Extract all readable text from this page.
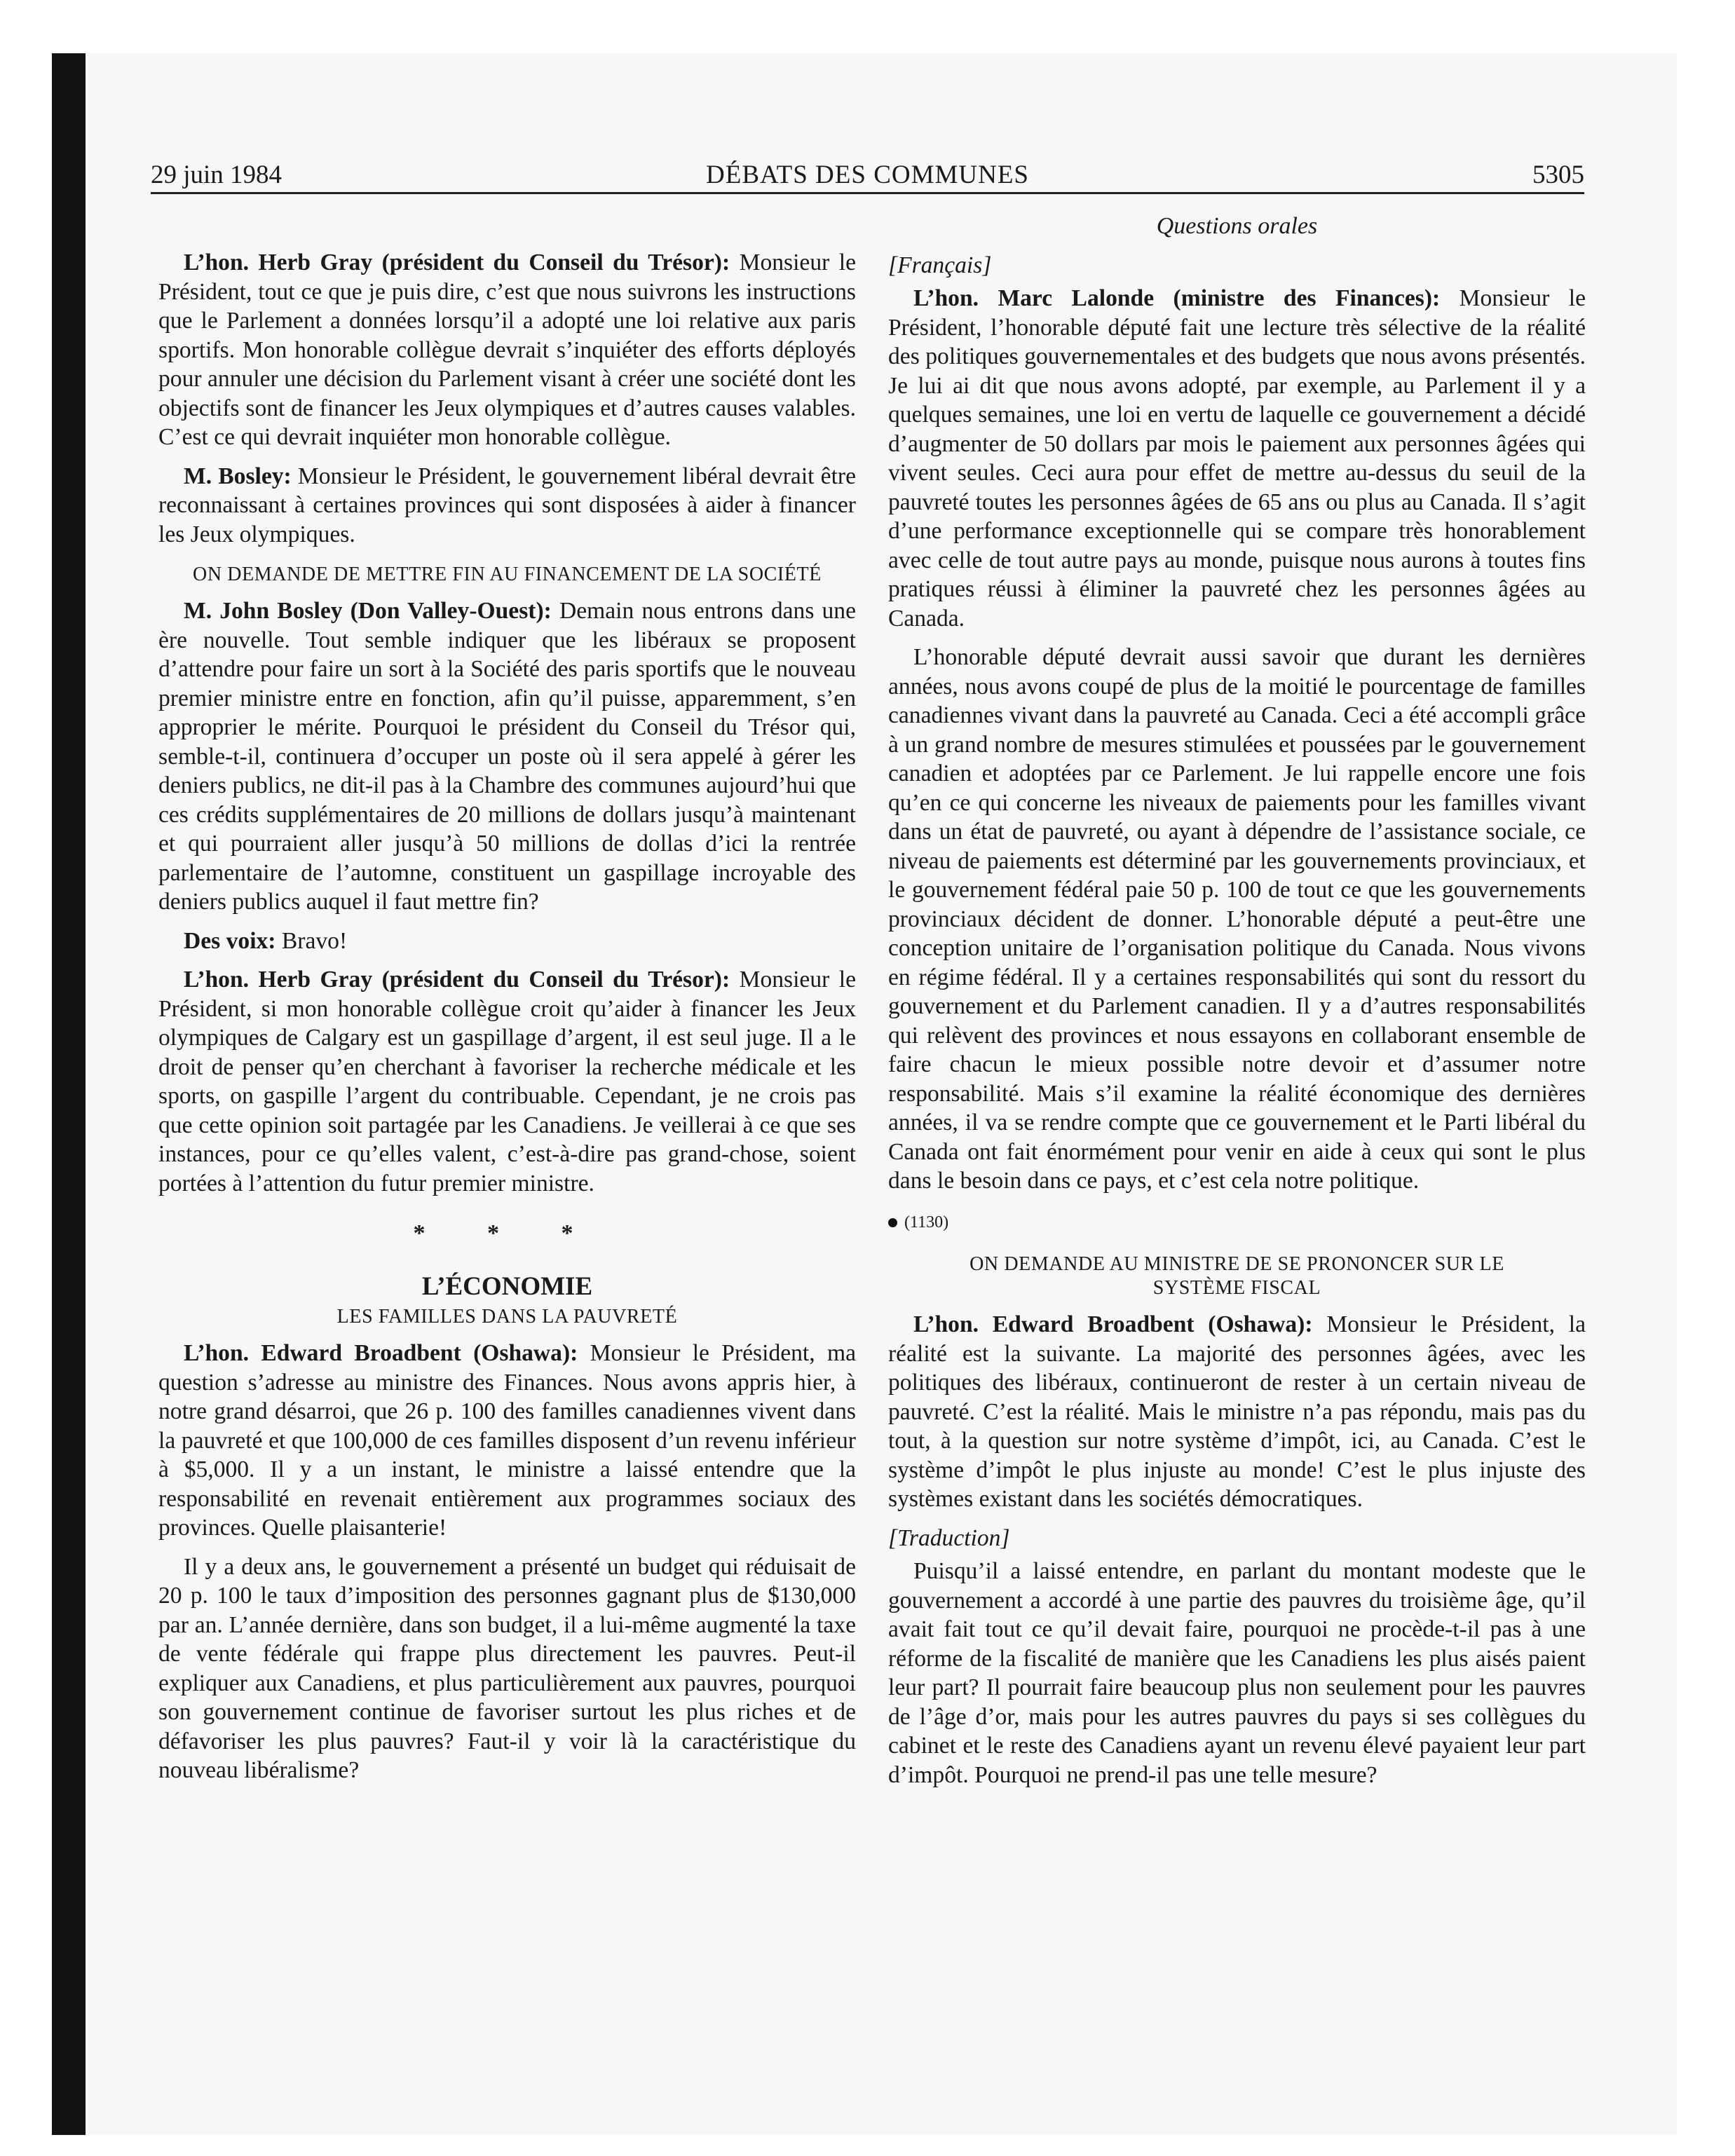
29 juin 1984	DÉBATS DES COMMUNES	5305

L’hon. Herb Gray (président du Conseil du Trésor): Monsieur le Président, tout ce que je puis dire, c’est que nous suivrons les instructions que le Parlement a données lorsqu’il a adopté une loi relative aux paris sportifs. Mon honorable collègue devrait s’inquiéter des efforts déployés pour annuler une décision du Parlement visant à créer une société dont les objectifs sont de financer les Jeux olympiques et d’autres causes valables. C’est ce qui devrait inquiéter mon honorable collègue.

M. Bosley: Monsieur le Président, le gouvernement libéral devrait être reconnaissant à certaines provinces qui sont disposées à aider à financer les Jeux olympiques.

ON DEMANDE DE METTRE FIN AU FINANCEMENT DE LA SOCIÉTÉ

M. John Bosley (Don Valley-Ouest): Demain nous entrons dans une ère nouvelle. Tout semble indiquer que les libéraux se proposent d’attendre pour faire un sort à la Société des paris sportifs que le nouveau premier ministre entre en fonction, afin qu’il puisse, apparemment, s’en approprier le mérite. Pourquoi le président du Conseil du Trésor qui, semble-t-il, continuera d’occuper un poste où il sera appelé à gérer les deniers publics, ne dit-il pas à la Chambre des communes aujourd’hui que ces crédits supplémentaires de 20 millions de dollars jusqu’à maintenant et qui pourraient aller jusqu’à 50 millions de dollas d’ici la rentrée parlementaire de l’automne, constituent un gaspillage incroyable des deniers publics auquel il faut mettre fin?

Des voix: Bravo!

L’hon. Herb Gray (président du Conseil du Trésor): Monsieur le Président, si mon honorable collègue croit qu’aider à financer les Jeux olympiques de Calgary est un gaspillage d’argent, il est seul juge. Il a le droit de penser qu’en cherchant à favoriser la recherche médicale et les sports, on gaspille l’argent du contribuable. Cependant, je ne crois pas que cette opinion soit partagée par les Canadiens. Je veillerai à ce que ses instances, pour ce qu’elles valent, c’est-à-dire pas grand-chose, soient portées à l’attention du futur premier ministre.

* * *
L’ÉCONOMIE
LES FAMILLES DANS LA PAUVRETÉ

L’hon. Edward Broadbent (Oshawa): Monsieur le Président, ma question s’adresse au ministre des Finances. Nous avons appris hier, à notre grand désarroi, que 26 p. 100 des familles canadiennes vivent dans la pauvreté et que 100,000 de ces familles disposent d’un revenu inférieur à $5,000. Il y a un instant, le ministre a laissé entendre que la responsabilité en revenait entièrement aux programmes sociaux des provinces. Quelle plaisanterie!

Il y a deux ans, le gouvernement a présenté un budget qui réduisait de 20 p. 100 le taux d’imposition des personnes gagnant plus de $130,000 par an. L’année dernière, dans son budget, il a lui-même augmenté la taxe de vente fédérale qui frappe plus directement les pauvres. Peut-il expliquer aux Canadiens, et plus particulièrement aux pauvres, pourquoi son gouvernement continue de favoriser surtout les plus riches et de défavoriser les plus pauvres? Faut-il y voir là la caractéristique du nouveau libéralisme?

Questions orales
[Français]

L’hon. Marc Lalonde (ministre des Finances): Monsieur le Président, l’honorable député fait une lecture très sélective de la réalité des politiques gouvernementales et des budgets que nous avons présentés. Je lui ai dit que nous avons adopté, par exemple, au Parlement il y a quelques semaines, une loi en vertu de laquelle ce gouvernement a décidé d’augmenter de 50 dollars par mois le paiement aux personnes âgées qui vivent seules. Ceci aura pour effet de mettre au-dessus du seuil de la pauvreté toutes les personnes âgées de 65 ans ou plus au Canada. Il s’agit d’une performance exceptionnelle qui se compare très honorablement avec celle de tout autre pays au monde, puisque nous aurons à toutes fins pratiques réussi à éliminer la pauvreté chez les personnes âgées au Canada.

L’honorable député devrait aussi savoir que durant les dernières années, nous avons coupé de plus de la moitié le pourcentage de familles canadiennes vivant dans la pauvreté au Canada. Ceci a été accompli grâce à un grand nombre de mesures stimulées et poussées par le gouvernement canadien et adoptées par ce Parlement. Je lui rappelle encore une fois qu’en ce qui concerne les niveaux de paiements pour les familles vivant dans un état de pauvreté, ou ayant à dépendre de l’assistance sociale, ce niveau de paiements est déterminé par les gouvernements provinciaux, et le gouvernement fédéral paie 50 p. 100 de tout ce que les gouvernements provinciaux décident de donner. L’honorable député a peut-être une conception unitaire de l’organisation politique du Canada. Nous vivons en régime fédéral. Il y a certaines responsabilités qui sont du ressort du gouvernement et du Parlement canadien. Il y a d’autres responsabilités qui relèvent des provinces et nous essayons en collaborant ensemble de faire chacun le mieux possible notre devoir et d’assumer notre responsabilité. Mais s’il examine la réalité économique des dernières années, il va se rendre compte que ce gouvernement et le Parti libéral du Canada ont fait énormément pour venir en aide à ceux qui sont le plus dans le besoin dans ce pays, et c’est cela notre politique.

(1130)
ON DEMANDE AU MINISTRE DE SE PRONONCER SUR LE SYSTÈME FISCAL

L’hon. Edward Broadbent (Oshawa): Monsieur le Président, la réalité est la suivante. La majorité des personnes âgées, avec les politiques des libéraux, continueront de rester à un certain niveau de pauvreté. C’est la réalité. Mais le ministre n’a pas répondu, mais pas du tout, à la question sur notre système d’impôt, ici, au Canada. C’est le système d’impôt le plus injuste au monde! C’est le plus injuste des systèmes existant dans les sociétés démocratiques.

[Traduction]

Puisqu’il a laissé entendre, en parlant du montant modeste que le gouvernement a accordé à une partie des pauvres du troisième âge, qu’il avait fait tout ce qu’il devait faire, pourquoi ne procède-t-il pas à une réforme de la fiscalité de manière que les Canadiens les plus aisés paient leur part? Il pourrait faire beaucoup plus non seulement pour les pauvres de l’âge d’or, mais pour les autres pauvres du pays si ses collègues du cabinet et le reste des Canadiens ayant un revenu élevé payaient leur part d’impôt. Pourquoi ne prend-il pas une telle mesure?
